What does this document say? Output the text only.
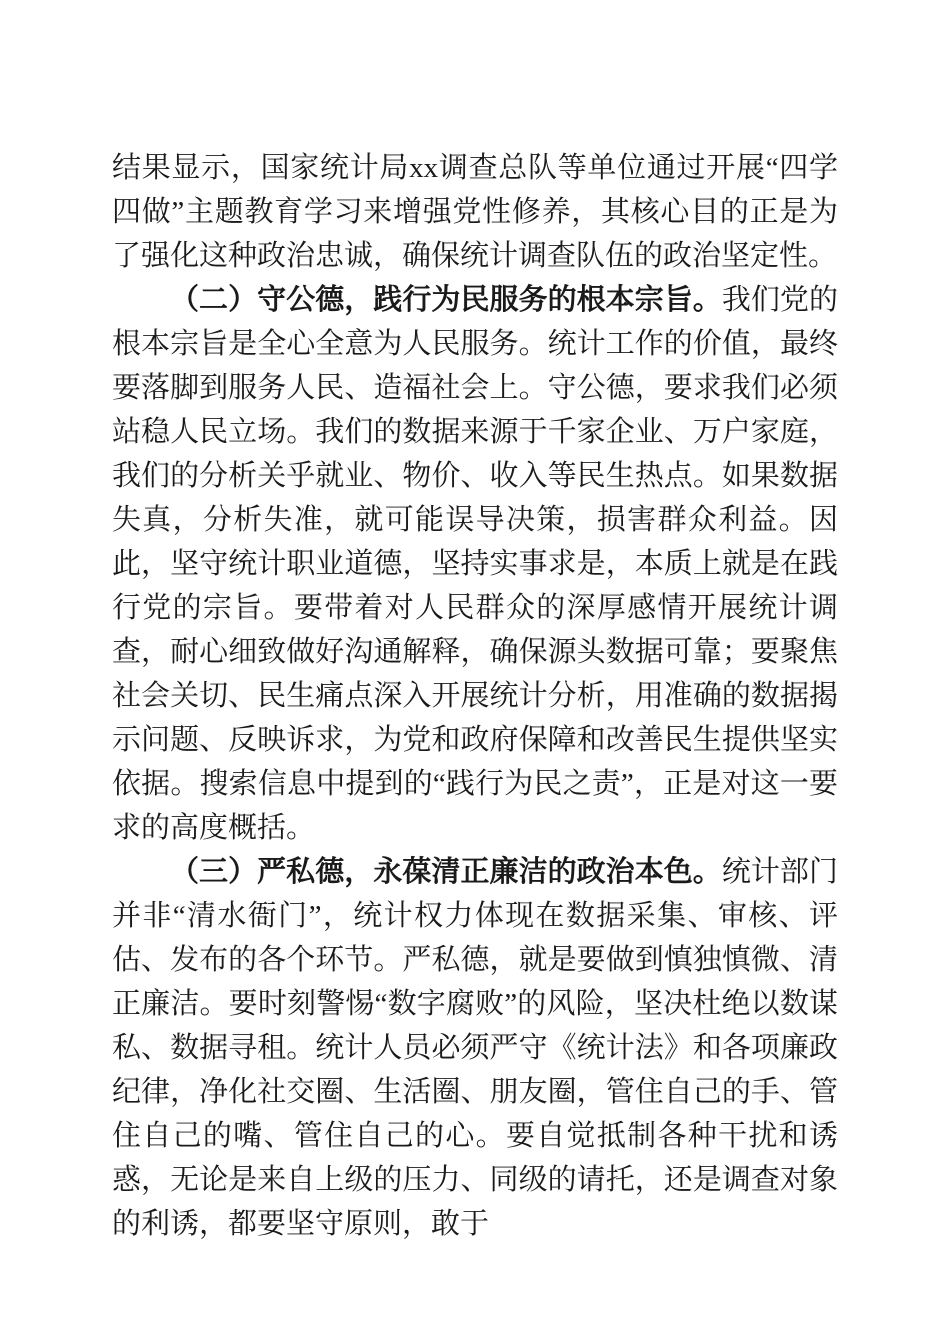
结果显示，国家统计局xx调查总队等单位通过开展“四学四做”主题教育学习来增强党性修养，其核心目的正是为了强化这种政治忠诚，确保统计调查队伍的政治坚定性。

（二）守公德，践行为民服务的根本宗旨。我们党的根本宗旨是全心全意为人民服务。统计工作的价值，最终要落脚到服务人民、造福社会上。守公德，要求我们必须站稳人民立场。我们的数据来源于千家企业、万户家庭，我们的分析关乎就业、物价、收入等民生热点。如果数据失真，分析失准，就可能误导决策，损害群众利益。因此，坚守统计职业道德，坚持实事求是，本质上就是在践行党的宗旨。要带着对人民群众的深厚感情开展统计调查，耐心细致做好沟通解释，确保源头数据可靠；要聚焦社会关切、民生痛点深入开展统计分析，用准确的数据揭示问题、反映诉求，为党和政府保障和改善民生提供坚实依据。搜索信息中提到的“践行为民之责”，正是对这一要求的高度概括。

（三）严私德，永葆清正廉洁的政治本色。统计部门并非“清水衙门”，统计权力体现在数据采集、审核、评估、发布的各个环节。严私德，就是要做到慎独慎微、清正廉洁。要时刻警惕“数字腐败”的风险，坚决杜绝以数谋私、数据寻租。统计人员必须严守《统计法》和各项廉政纪律，净化社交圈、生活圈、朋友圈，管住自己的手、管住自己的嘴、管住自己的心。要自觉抵制各种干扰和诱惑，无论是来自上级的压力、同级的请托，还是调查对象的利诱，都要坚守原则，敢于
